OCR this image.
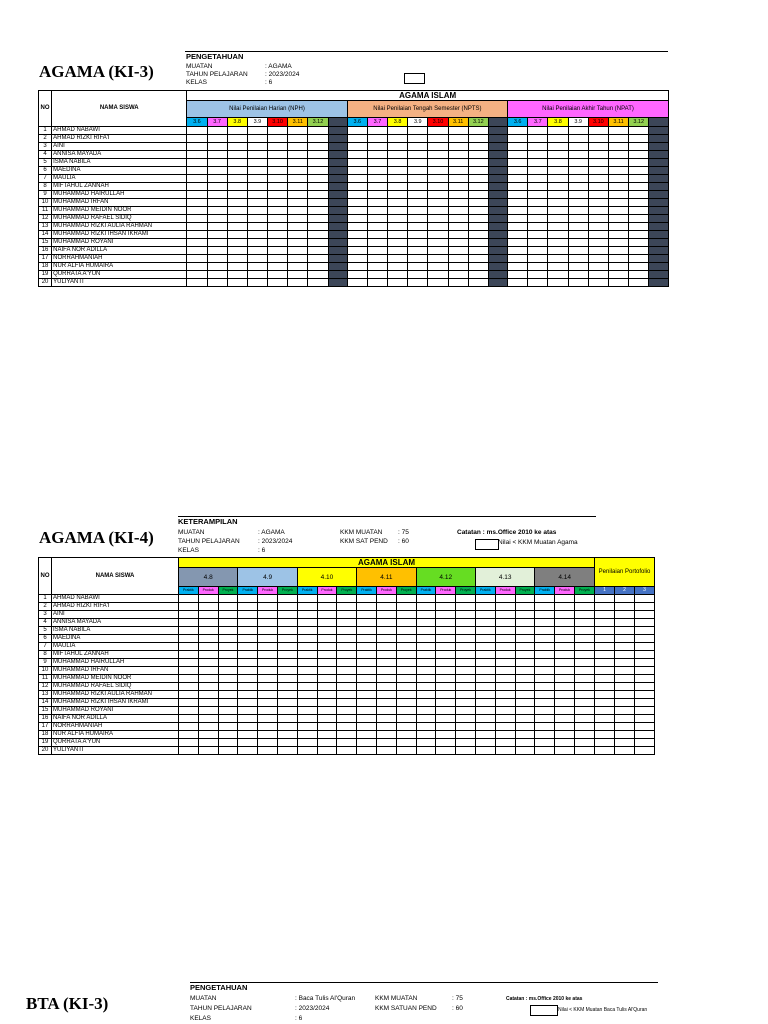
AGAMA (KI-3)
PENGETAHUAN
MUATAN	: AGAMA
TAHUN PELAJARAN	: 2023/2024
KELAS	: 6
NO	NAMA SISWA	AGAMA ISLAM																							
		Nilai Penilaian Harian (NPH)								Nilai Penilaian Tengah Semester (NPTS)								Nilai Penilaian Akhir Tahun (NPAT)							
		3.6	3.7	3.8	3.9	3.10	3.11	3.12		3.6	3.7	3.8	3.9	3.10	3.11	3.12		3.6	3.7	3.8	3.9	3.10	3.11	3.12	
1	AHMAD NABAWI																								
2	AHMAD RIZKI RIFA'I																								
3	AINI																								
4	ANNISA MAYADA																								
5	ISMA NABILA																								
6	MAEDINA																								
7	MAULIA																								
8	MIFTAHUL ZANNAH																								
9	MUHAMMAD HAIRULLAH																								
10	MUHAMMAD IRFAN																								
11	MUHAMMAD MEIDIN NOOR																								
12	MUHAMMAD RAFAEL SIDIQ																								
13	MUHAMMAD RIZKI AULIA RAHMAN																								
14	MUHAMMAD RIZKI IHSAN IKRAMI																								
15	MUHAMMAD ROYANI																								
16	NAIFA NOR ADILLA																								
17	NORRAHMANIAH																								
18	NUR ALFIA HUMAIRA																								
19	QURRATA A'YUN																								
20	YULIYANTI																								
AGAMA (KI-4)
KETERAMPILAN
MUATAN	: AGAMA
TAHUN PELAJARAN	: 2023/2024
KELAS	: 6
KKM MUATAN : 75
KKM SAT PEND : 60
Catatan : ms.Office 2010 ke atas
Nilai < KKM Muatan Agama
NO	NAMA SISWA	AGAMA ISLAM																					Penilaian Portofolio		
		4.8			4.9			4.10			4.11			4.12			4.13			4.14					
		Praktik	Produk	Proyek	Praktik	Produk	Proyek	Praktik	Produk	Proyek	Praktik	Produk	Proyek	Praktik	Produk	Proyek	Praktik	Produk	Proyek	Praktik	Produk	Proyek	1	2	3
1	AHMAD NABAWI																								
2	AHMAD RIZKI RIFA'I																								
3	AINI																								
4	ANNISA MAYADA																								
5	ISMA NABILA																								
6	MAEDINA																								
7	MAULIA																								
8	MIFTAHUL ZANNAH																								
9	MUHAMMAD HAIRULLAH																								
10	MUHAMMAD IRFAN																								
11	MUHAMMAD MEIDIN NOOR																								
12	MUHAMMAD RAFAEL SIDIQ																								
13	MUHAMMAD RIZKI AULIA RAHMAN																								
14	MUHAMMAD RIZKI IHSAN IKRAMI																								
15	MUHAMMAD ROYANI																								
16	NAIFA NOR ADILLA																								
17	NORRAHMANIAH																								
18	NUR ALFIA HUMAIRA																								
19	QURRATA A'YUN																								
20	YULIYANTI																								
BTA (KI-3)
PENGETAHUAN
MUATAN	: Baca Tulis Al'Quran
TAHUN PELAJARAN	: 2023/2024
KELAS	: 6
KKM MUATAN	: 75
KKM SATUAN PEND : 60
Catatan : ms.Office 2010 ke atas
Nilai < KKM Muatan Baca Tulis Al'Quran
